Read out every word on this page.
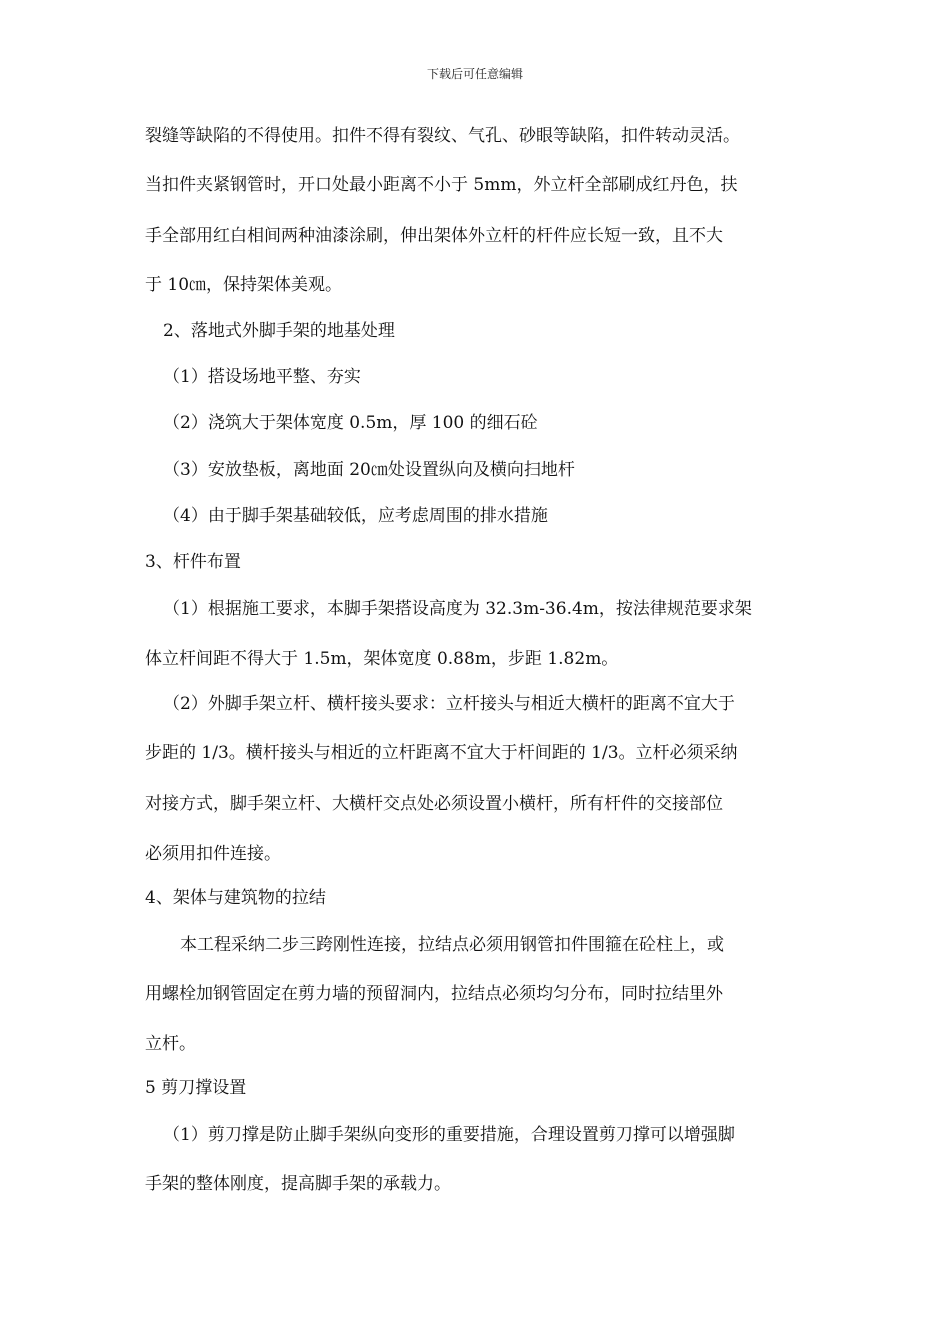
下载后可任意编辑
裂缝等缺陷的不得使用。扣件不得有裂纹、气孔、砂眼等缺陷，扣件转动灵活。
当扣件夹紧钢管时，开口处最小距离不小于 5mm，外立杆全部刷成红丹色，扶
手全部用红白相间两种油漆涂刷，伸出架体外立杆的杆件应长短一致，且不大
于 10㎝，保持架体美观。
2、落地式外脚手架的地基处理
（1）搭设场地平整、夯实
（2）浇筑大于架体宽度 0.5m，厚 100 的细石砼
（3）安放垫板，离地面 20㎝处设置纵向及横向扫地杆
（4）由于脚手架基础较低，应考虑周围的排水措施
3、杆件布置
（1）根据施工要求，本脚手架搭设高度为 32.3m-36.4m，按法律规范要求架
体立杆间距不得大于 1.5m，架体宽度 0.88m，步距 1.82m。
（2）外脚手架立杆、横杆接头要求：立杆接头与相近大横杆的距离不宜大于
步距的 1/3。横杆接头与相近的立杆距离不宜大于杆间距的 1/3。立杆必须采纳
对接方式，脚手架立杆、大横杆交点处必须设置小横杆，所有杆件的交接部位
必须用扣件连接。
4、架体与建筑物的拉结
本工程采纳二步三跨刚性连接，拉结点必须用钢管扣件围箍在砼柱上，或
用螺栓加钢管固定在剪力墙的预留洞内，拉结点必须均匀分布，同时拉结里外
立杆。
5 剪刀撑设置
（1）剪刀撑是防止脚手架纵向变形的重要措施，合理设置剪刀撑可以增强脚
手架的整体刚度，提高脚手架的承载力。
